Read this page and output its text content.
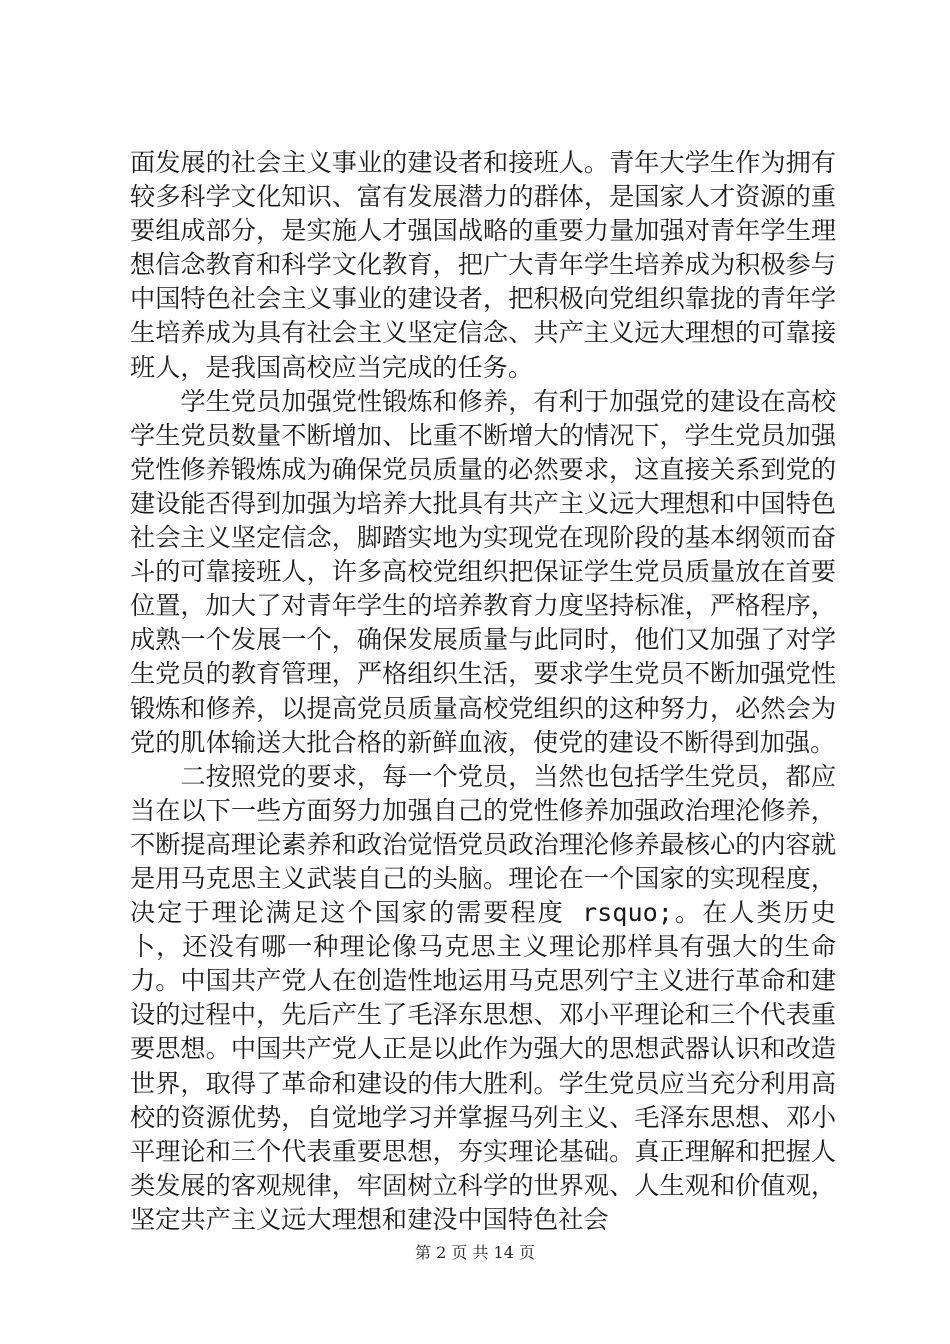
面发展的社会主义事业的建设者和接班人。青年大学生作为拥有较多科学文化知识、富有发展潜力的群体，是国家人才资源的重要组成部分，是实施人才强国战略的重要力量加强对青年学生理想信念教育和科学文化教育，把广大青年学生培养成为积极参与中国特色社会主义事业的建设者，把积极向党组织靠拢的青年学生培养成为具有社会主义坚定信念、共产主义远大理想的可靠接班人，是我国高校应当完成的任务。

学生党员加强党性锻炼和修养，有利于加强党的建设在高校学生党员数量不断增加、比重不断增大的情况下，学生党员加强党性修养锻炼成为确保党员质量的必然要求，这直接关系到党的建设能否得到加强为培养大批具有共产主义远大理想和中国特色社会主义坚定信念，脚踏实地为实现党在现阶段的基本纲领而奋斗的可靠接班人，许多高校党组织把保证学生党员质量放在首要位置，加大了对青年学生的培养教育力度坚持标准，严格程序，成熟一个发展一个，确保发展质量与此同时，他们又加强了对学生党员的教育管理，严格组织生活，要求学生党员不断加强党性锻炼和修养，以提高党员质量高校党组织的这种努力，必然会为党的肌体输送大批合格的新鲜血液，使党的建设不断得到加强。

二按照党的要求，每一个党员，当然也包括学生党员，都应当在以下一些方面努力加强自己的党性修养加强政治理沦修养，不断提高理论素养和政治觉悟党员政治理沦修养最核心的内容就是用马克思主义武装自己的头脑。理论在一个国家的实现程度，决定于理论满足这个国家的需要程度 rsquo;。在人类历史卜，还没有哪一种理论像马克思主义理论那样具有强大的生命力。中国共产党人在创造性地运用马克思列宁主义进行革命和建设的过程中，先后产生了毛泽东思想、邓小平理论和三个代表重要思想。中国共产党人正是以此作为强大的思想武器认识和改造世界，取得了革命和建设的伟大胜利。学生党员应当充分利用高校的资源优势，自觉地学习并掌握马列主义、毛泽东思想、邓小平理论和三个代表重要思想，夯实理论基础。真正理解和把握人类发展的客观规律，牢固树立科学的世界观、人生观和价值观，坚定共产主义远大理想和建没中国特色社会

第 2 页 共 14 页
